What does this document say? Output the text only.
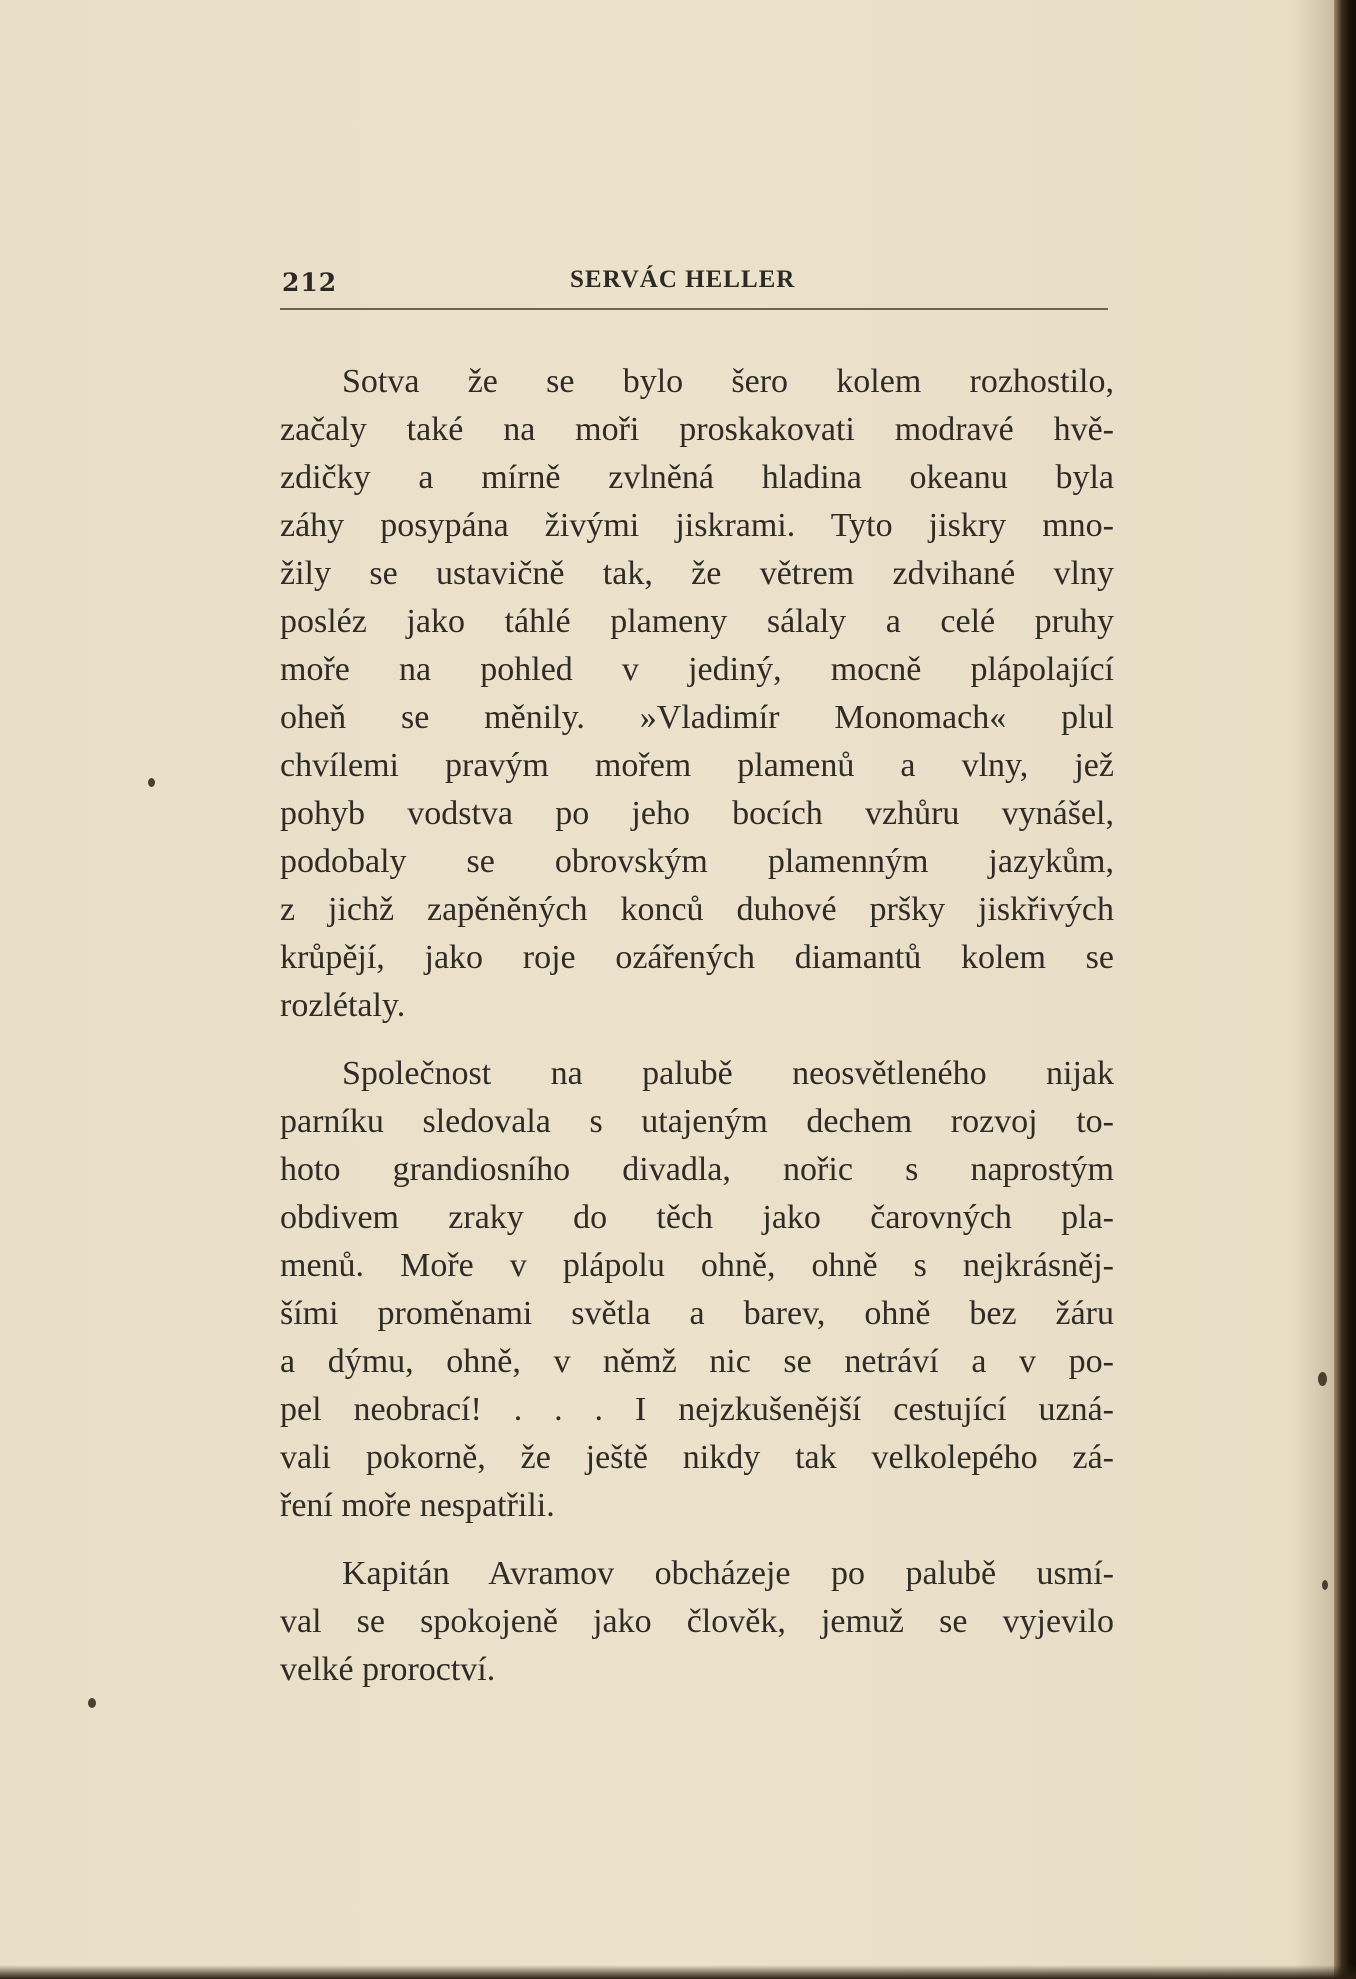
212	SERVÁC HELLER
Sotva že se bylo šero kolem rozhostilo,
začaly také na moři proskakovati modravé hvě-
zdičky a mírně zvlněná hladina okeanu byla
záhy posypána živými jiskrami. Tyto jiskry mno-
žily se ustavičně tak, že větrem zdvihané vlny
posléz jako táhlé plameny sálaly a celé pruhy
moře na pohled v jediný, mocně plápolající
oheň se měnily. »Vladimír Monomach« plul
chvílemi pravým mořem plamenů a vlny, jež
pohyb vodstva po jeho bocích vzhůru vynášel,
podobaly se obrovským plamenným jazykům,
z jichž zapěněných konců duhové pršky jiskřivých
krůpějí, jako roje ozářených diamantů kolem se
rozlétaly.
Společnost na palubě neosvětleného nijak
parníku sledovala s utajeným dechem rozvoj to-
hoto grandiosního divadla, nořic s naprostým
obdivem zraky do těch jako čarovných pla-
menů. Moře v plápolu ohně, ohně s nejkrásněj-
šími proměnami světla a barev, ohně bez žáru
a dýmu, ohně, v němž nic se netráví a v po-
pel neobrací! . . . I nejzkušenější cestující uzná-
vali pokorně, že ještě nikdy tak velkolepého zá-
ření moře nespatřili.
Kapitán Avramov obcházeje po palubě usmí-
val se spokojeně jako člověk, jemuž se vyjevilo
velké proroctví.
